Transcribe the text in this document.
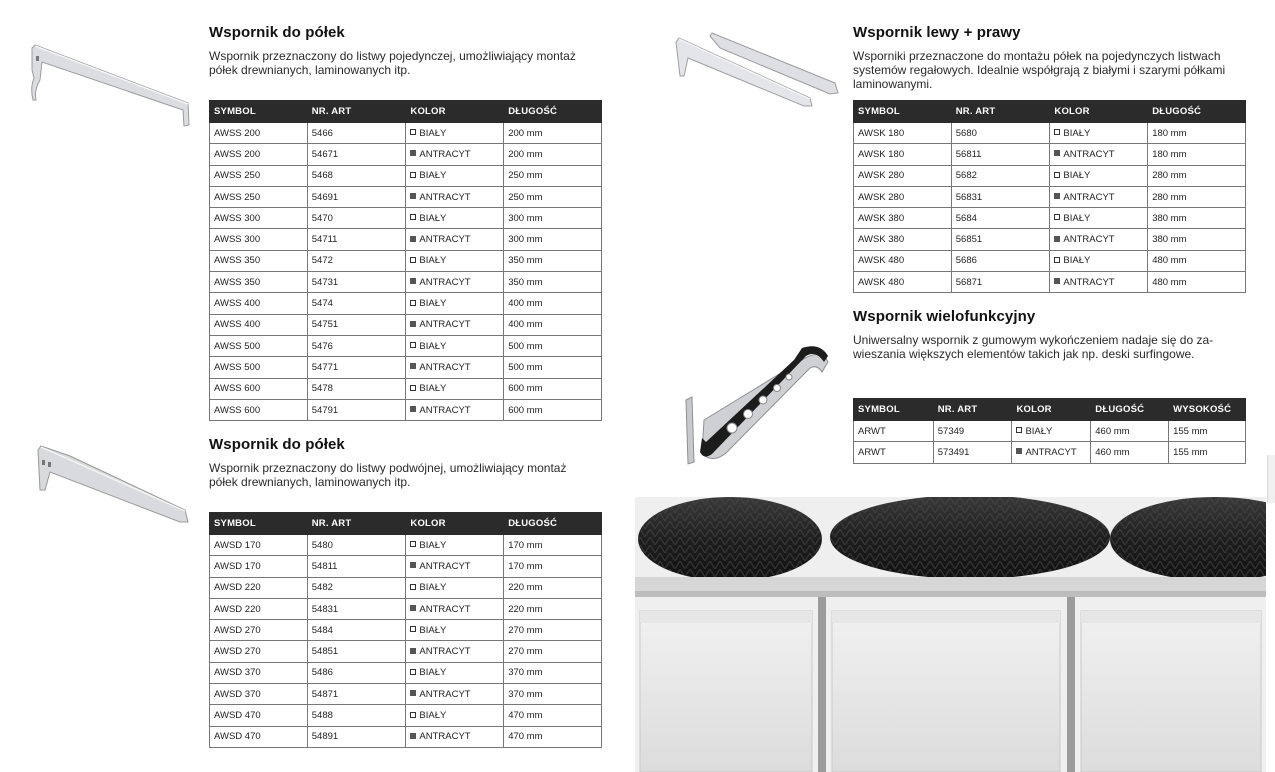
Wspornik do półek

Wspornik przeznaczony do listwy pojedynczej, umożliwiający montaż
półek drewnianych, laminowanych itp.

SYMBOL	NR. ART	KOLOR	DŁUGOŚĆ
AWSS 200	5466	BIAŁY	200 mm
AWSS 200	54671	ANTRACYT	200 mm
AWSS 250	5468	BIAŁY	250 mm
AWSS 250	54691	ANTRACYT	250 mm
AWSS 300	5470	BIAŁY	300 mm
AWSS 300	54711	ANTRACYT	300 mm
AWSS 350	5472	BIAŁY	350 mm
AWSS 350	54731	ANTRACYT	350 mm
AWSS 400	5474	BIAŁY	400 mm
AWSS 400	54751	ANTRACYT	400 mm
AWSS 500	5476	BIAŁY	500 mm
AWSS 500	54771	ANTRACYT	500 mm
AWSS 600	5478	BIAŁY	600 mm
AWSS 600	54791	ANTRACYT	600 mm
Wspornik do półek

Wspornik przeznaczony do listwy podwójnej, umożliwiający montaż
półek drewnianych, laminowanych itp.

SYMBOL	NR. ART	KOLOR	DŁUGOŚĆ
AWSD 170	5480	BIAŁY	170 mm
AWSD 170	54811	ANTRACYT	170 mm
AWSD 220	5482	BIAŁY	220 mm
AWSD 220	54831	ANTRACYT	220 mm
AWSD 270	5484	BIAŁY	270 mm
AWSD 270	54851	ANTRACYT	270 mm
AWSD 370	5486	BIAŁY	370 mm
AWSD 370	54871	ANTRACYT	370 mm
AWSD 470	5488	BIAŁY	470 mm
AWSD 470	54891	ANTRACYT	470 mm
Wspornik lewy + prawy

Wsporniki przeznaczone do montażu półek na pojedynczych listwach
systemów regałowych. Idealnie współgrają z białymi i szarymi półkami
laminowanymi.

SYMBOL	NR. ART	KOLOR	DŁUGOŚĆ
AWSK 180	5680	BIAŁY	180 mm
AWSK 180	56811	ANTRACYT	180 mm
AWSK 280	5682	BIAŁY	280 mm
AWSK 280	56831	ANTRACYT	280 mm
AWSK 380	5684	BIAŁY	380 mm
AWSK 380	56851	ANTRACYT	380 mm
AWSK 480	5686	BIAŁY	480 mm
AWSK 480	56871	ANTRACYT	480 mm
Wspornik wielofunkcyjny

Uniwersalny wspornik z gumowym wykończeniem nadaje się do za-
wieszania większych elementów takich jak np. deski surfingowe.

SYMBOL	NR. ART	KOLOR	DŁUGOŚĆ	WYSOKOŚĆ
ARWT	57349	BIAŁY	460 mm	155 mm
ARWT	573491	ANTRACYT	460 mm	155 mm
